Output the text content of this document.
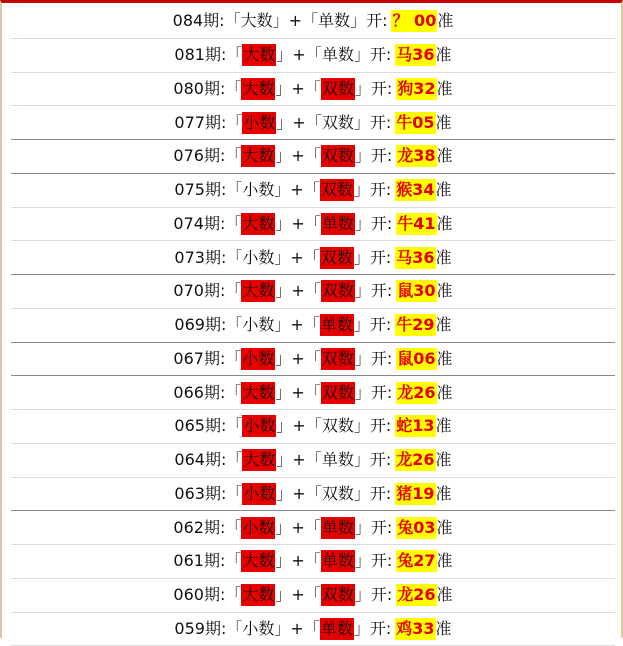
084期: 「 大数 」 + 「 单数 」 开: ？ 00 准
081期: 「 大数 」 + 「 单数 」 开: 马36 准
080期: 「 大数 」 + 「 双数 」 开: 狗32 准
077期: 「 小数 」 + 「 双数 」 开: 牛05 准
076期: 「 大数 」 + 「 双数 」 开: 龙38 准
075期: 「 小数 」 + 「 双数 」 开: 猴34 准
074期: 「 大数 」 + 「 单数 」 开: 牛41 准
073期: 「 小数 」 + 「 双数 」 开: 马36 准
070期: 「 大数 」 + 「 双数 」 开: 鼠30 准
069期: 「 小数 」 + 「 单数 」 开: 牛29 准
067期: 「 小数 」 + 「 双数 」 开: 鼠06 准
066期: 「 大数 」 + 「 双数 」 开: 龙26 准
065期: 「 小数 」 + 「 双数 」 开: 蛇13 准
064期: 「 大数 」 + 「 单数 」 开: 龙26 准
063期: 「 小数 」 + 「 双数 」 开: 猪19 准
062期: 「 小数 」 + 「 单数 」 开: 兔03 准
061期: 「 大数 」 + 「 单数 」 开: 兔27 准
060期: 「 大数 」 + 「 双数 」 开: 龙26 准
059期: 「 小数 」 + 「 单数 」 开: 鸡33 准
